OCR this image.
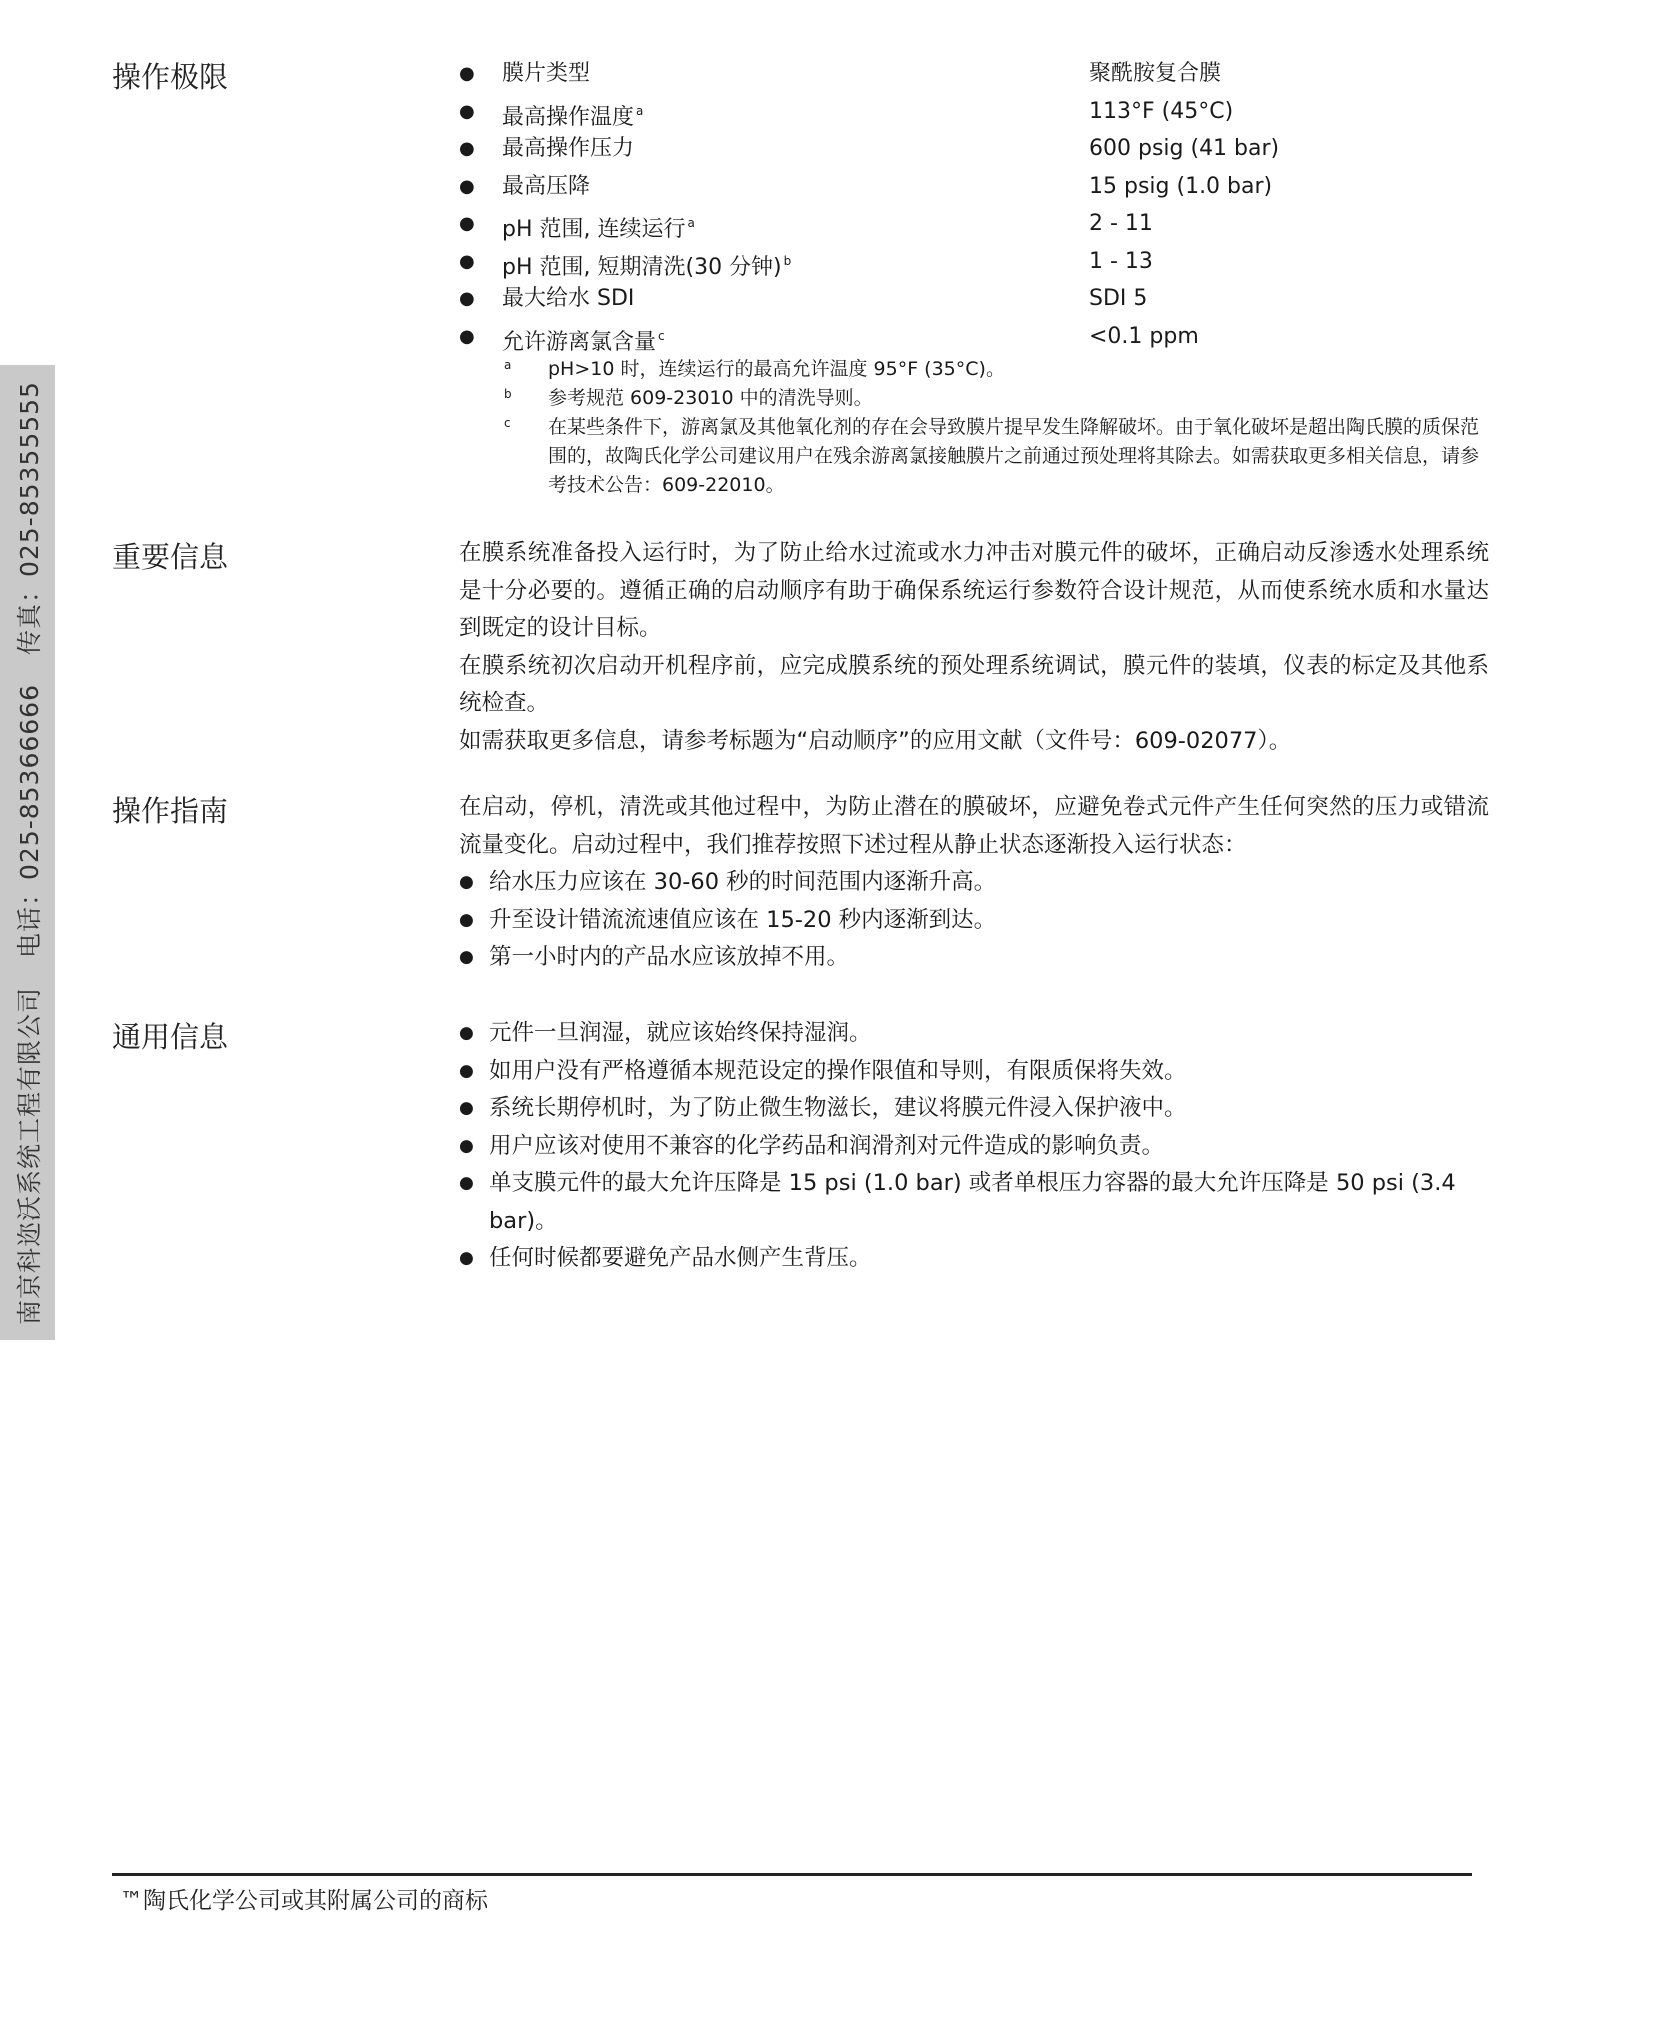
南京科迩沃系统工程有限公司 电话：025-85366666 传真：025-85355555
操作极限	● 膜片类型	聚酰胺复合膜
● 最高操作温度 $^a$	113°F (45°C)
● 最高操作压力	600 psig (41 bar)
● 最高压降	15 psig (1.0 bar)
● pH 范围, 连续运行 $^a$	2 - 11
● pH 范围, 短期清洗(30 分钟) $^b$	1 - 13
● 最大给水 SDI	SDI 5
● 允许游离氯含量 $^c$	<0.1 ppm
a pH>10 时，连续运行的最高允许温度 95°F (35°C)。
b 参考规范 609-23010 中的清洗导则。
c 在某些条件下，游离氯及其他氧化剂的存在会导致膜片提早发生降解破坏。由于氧化破坏是超出陶氏膜的质保范围的，故陶氏化学公司建议用户在残余游离氯接触膜片之前通过预处理将其除去。如需获取更多相关信息，请参考技术公告：609-22010。
重要信息	在膜系统准备投入运行时，为了防止给水过流或水力冲击对膜元件的破坏，正确启动反渗透水处理系统是十分必要的。遵循正确的启动顺序有助于确保系统运行参数符合设计规范，从而使系统水质和水量达到既定的设计目标。

在膜系统初次启动开机程序前，应完成膜系统的预处理系统调试，膜元件的装填，仪表的标定及其他系统检查。

如需获取更多信息，请参考标题为“启动顺序”的应用文献（文件号：609-02077）。

操作指南	在启动，停机，清洗或其他过程中，为防止潜在的膜破坏，应避免卷式元件产生任何突然的压力或错流流量变化。启动过程中，我们推荐按照下述过程从静止状态逐渐投入运行状态：

● 给水压力应该在 30-60 秒的时间范围内逐渐升高。
● 升至设计错流流速值应该在 15-20 秒内逐渐到达。
● 第一小时内的产品水应该放掉不用。
通用信息	● 元件一旦润湿，就应该始终保持湿润。
● 如用户没有严格遵循本规范设定的操作限值和导则，有限质保将失效。
● 系统长期停机时，为了防止微生物滋长，建议将膜元件浸入保护液中。
● 用户应该对使用不兼容的化学药品和润滑剂对元件造成的影响负责。
● 单支膜元件的最大允许压降是 15 psi (1.0 bar) 或者单根压力容器的最大允许压降是 50 psi (3.4 bar)。
● 任何时候都要避免产品水侧产生背压。
™陶氏化学公司或其附属公司的商标
